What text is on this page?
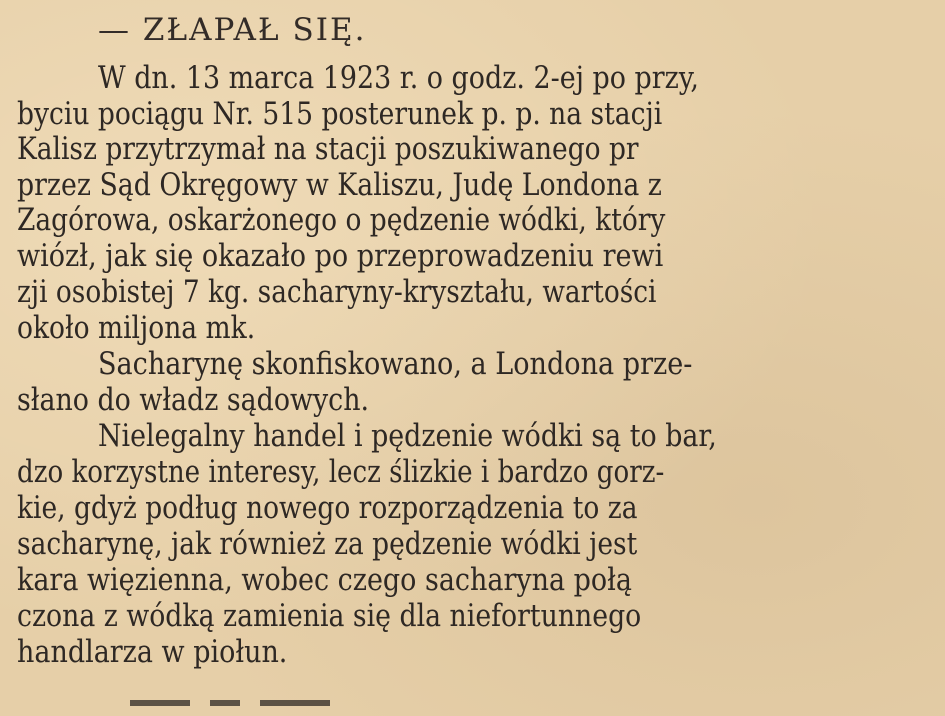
— ZŁAPAŁ SIĘ.
W dn. 13 marca 1923 r. o godz. 2-ej po przy,
byciu pociągu Nr. 515 posterunek p. p. na stacji
Kalisz przytrzymał na stacji poszukiwanego pr
przez Sąd Okręgowy w Kaliszu, Judę Londona z
Zagórowa, oskarżonego o pędzenie wódki, który
wiózł, jak się okazało po przeprowadzeniu rewi
zji osobistej 7 kg. sacharyny-kryształu, wartości
około miljona mk.
Sacharynę skonfiskowano, a Londona prze-
słano do władz sądowych.
Nielegalny handel i pędzenie wódki są to bar,
dzo korzystne interesy, lecz ślizkie i bardzo gorz-
kie, gdyż podług nowego rozporządzenia to za
sacharynę, jak również za pędzenie wódki jest
kara więzienna, wobec czego sacharyna połą
czona z wódką zamienia się dla niefortunnego
handlarza w piołun.
